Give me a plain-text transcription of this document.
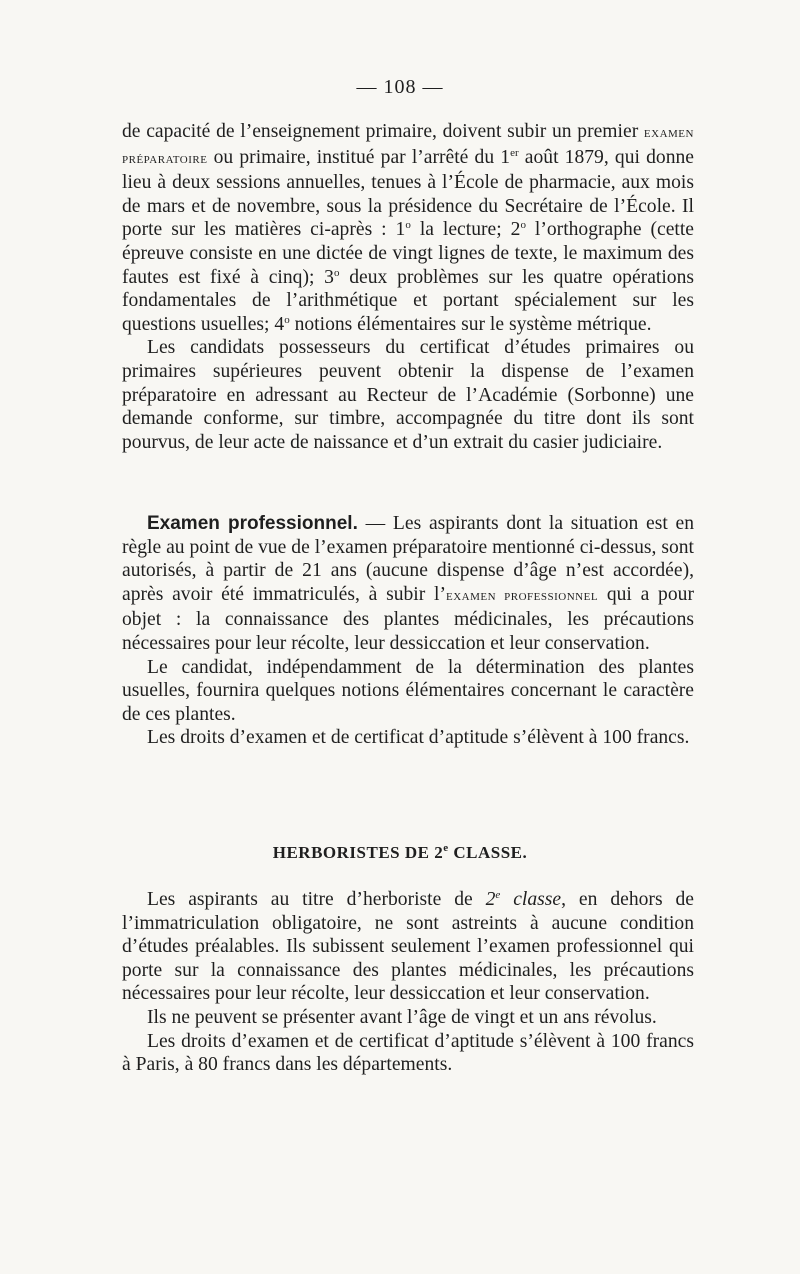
— 108 —

de capacité de l’enseignement primaire, doivent subir un premier examen préparatoire ou primaire, institué par l’arrêté du 1er août 1879, qui donne lieu à deux sessions annuelles, tenues à l’École de pharmacie, aux mois de mars et de novembre, sous la présidence du Secrétaire de l’École. Il porte sur les matières ci-après : 1$^o$ la lecture; 2$^o$ l’orthographe (cette épreuve consiste en une dictée de vingt lignes de texte, le maximum des fautes est fixé à cinq); 3$^o$ deux problèmes sur les quatre opérations fondamentales de l’arithmétique et portant spécialement sur les questions usuelles; 4$^o$ notions élémentaires sur le système métrique.

Les candidats possesseurs du certificat d’études primaires ou primaires supérieures peuvent obtenir la dispense de l’examen préparatoire en adressant au Recteur de l’Académie (Sorbonne) une demande conforme, sur timbre, accompagnée du titre dont ils sont pourvus, de leur acte de naissance et d’un extrait du casier judiciaire.

Examen professionnel. — Les aspirants dont la situation est en règle au point de vue de l’examen préparatoire mentionné ci-dessus, sont autorisés, à partir de 21 ans (aucune dispense d’âge n’est accordée), après avoir été immatriculés, à subir l’examen professionnel qui a pour objet : la connaissance des plantes médicinales, les précautions nécessaires pour leur récolte, leur dessiccation et leur conservation.

Le candidat, indépendamment de la détermination des plantes usuelles, fournira quelques notions élémentaires concernant le caractère de ces plantes.

Les droits d’examen et de certificat d’aptitude s’élèvent à 100 francs.

HERBORISTES DE 2e CLASSE.

Les aspirants au titre d’herboriste de 2e classe, en dehors de l’immatriculation obligatoire, ne sont astreints à aucune condition d’études préalables. Ils subissent seulement l’examen professionnel qui porte sur la connaissance des plantes médicinales, les précautions nécessaires pour leur récolte, leur dessiccation et leur conservation.

Ils ne peuvent se présenter avant l’âge de vingt et un ans révolus.

Les droits d’examen et de certificat d’aptitude s’élèvent à 100 francs à Paris, à 80 francs dans les départements.
